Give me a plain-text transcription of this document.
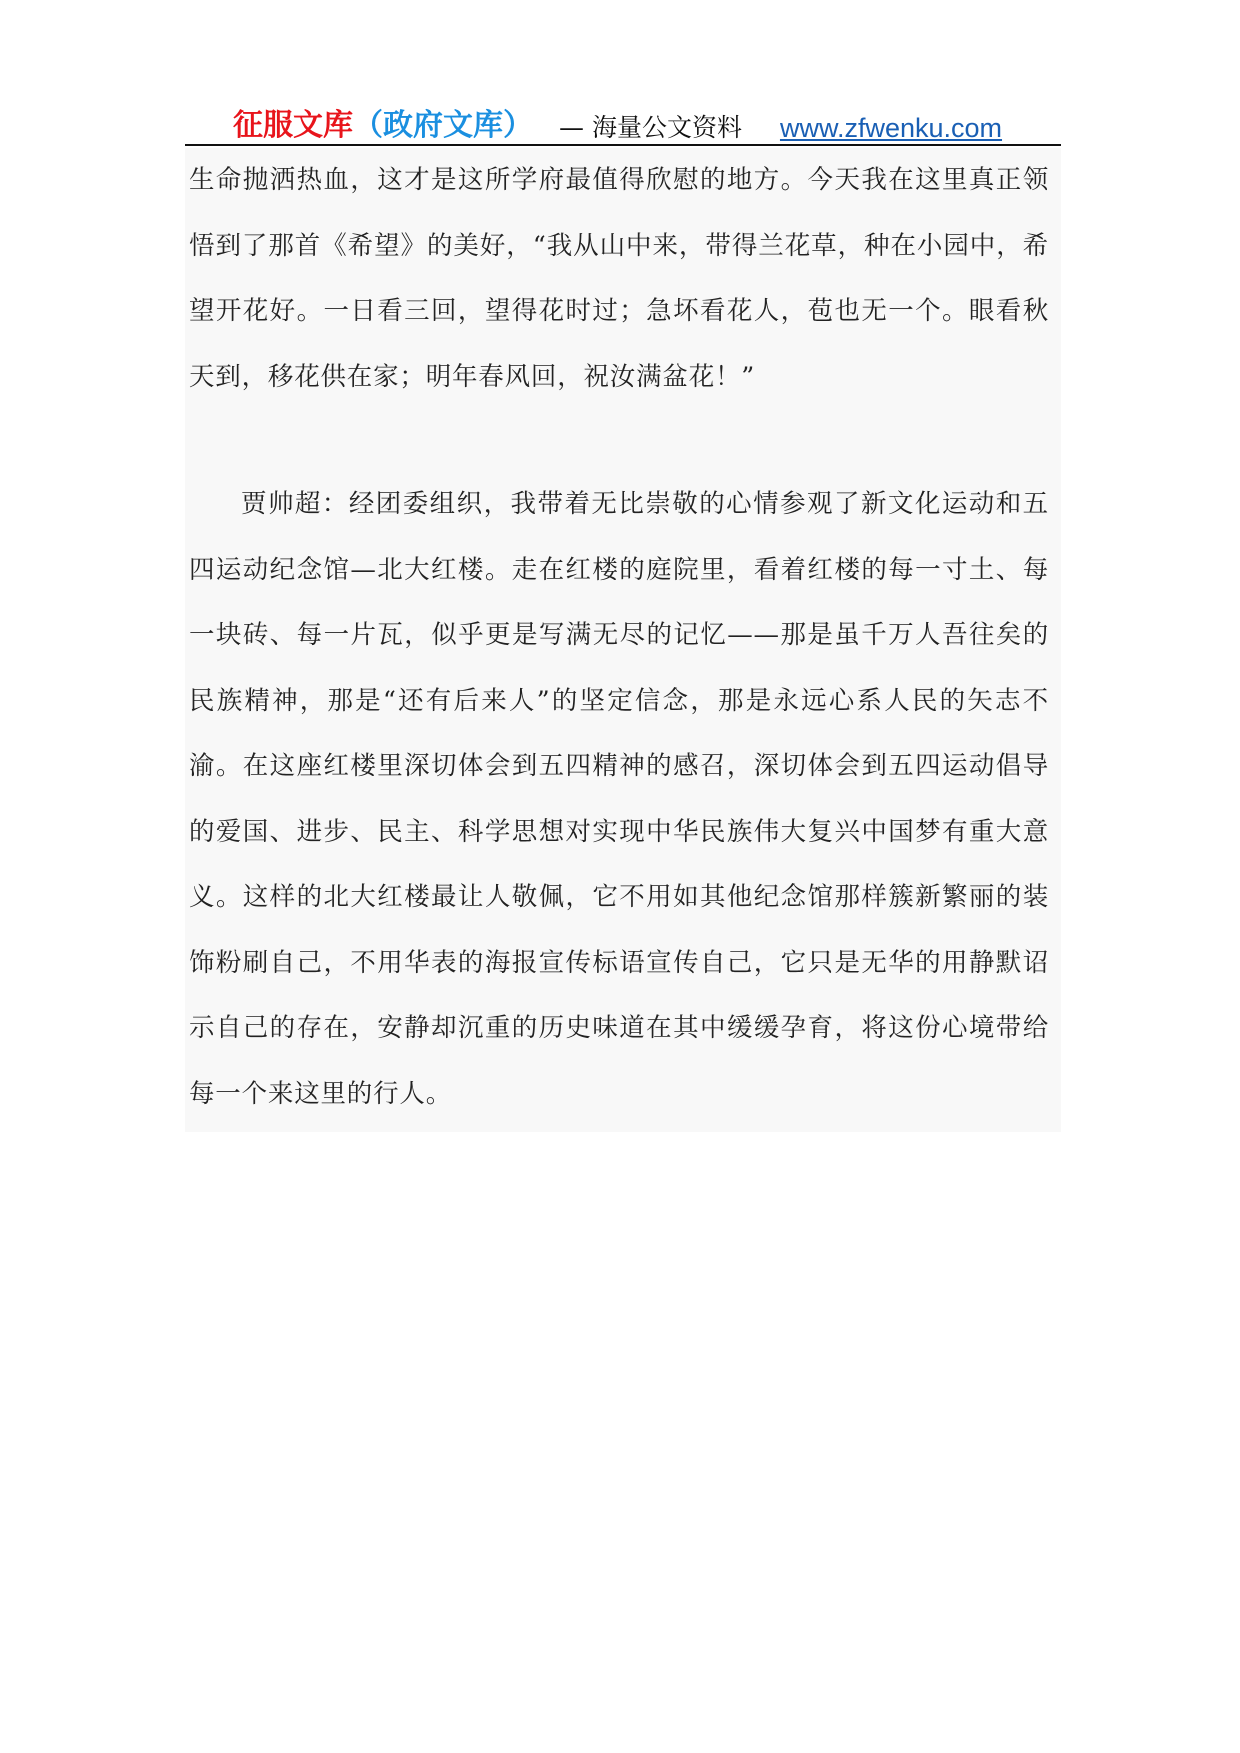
征服文库 （政府文库） — 海量公文资料 www.zfwenku.com

生命抛洒热血，这才是这所学府最值得欣慰的地方。今天我在这里真正领悟到了那首《希望》的美好，“我从山中来，带得兰花草，种在小园中，希望开花好。一日看三回，望得花时过；急坏看花人，苞也无一个。眼看秋天到，移花供在家；明年春风回，祝汝满盆花！”

贾帅超：经团委组织，我带着无比崇敬的心情参观了新文化运动和五四运动纪念馆—北大红楼。走在红楼的庭院里，看着红楼的每一寸土、每一块砖、每一片瓦，似乎更是写满无尽的记忆——那是虽千万人吾往矣的民族精神，那是“还有后来人”的坚定信念，那是永远心系人民的矢志不渝。在这座红楼里深切体会到五四精神的感召，深切体会到五四运动倡导的爱国、进步、民主、科学思想对实现中华民族伟大复兴中国梦有重大意义。这样的北大红楼最让人敬佩，它不用如其他纪念馆那样簇新繁丽的装饰粉刷自己，不用华表的海报宣传标语宣传自己，它只是无华的用静默诏示自己的存在，安静却沉重的历史味道在其中缓缓孕育，将这份心境带给每一个来这里的行人。
